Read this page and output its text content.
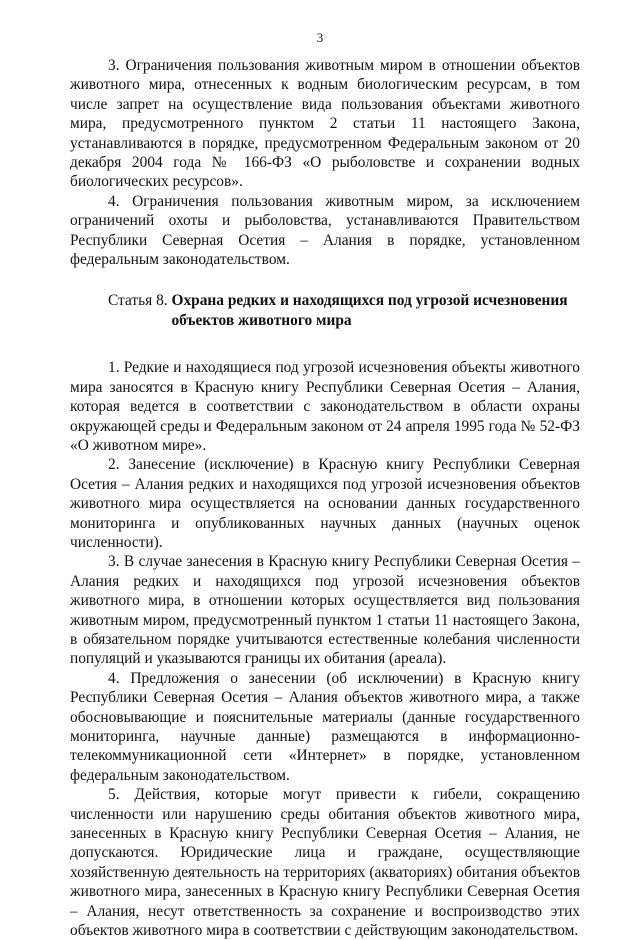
3

3. Ограничения пользования животным миром в отношении объектов животного мира, отнесенных к водным биологическим ресурсам, в том числе запрет на осуществление вида пользования объектами животного мира, предусмотренного пунктом 2 статьи 11 настоящего Закона, устанавливаются в порядке, предусмотренном Федеральным законом от 20 декабря 2004 года № 166-ФЗ «О рыболовстве и сохранении водных биологических ресурсов».

4. Ограничения пользования животным миром, за исключением ограничений охоты и рыболовства, устанавливаются Правительством Республики Северная Осетия – Алания в порядке, установленном федеральным законодательством.

Статья 8. Охрана редких и находящихся под угрозой исчезновения объектов животного мира

1. Редкие и находящиеся под угрозой исчезновения объекты животного мира заносятся в Красную книгу Республики Северная Осетия – Алания, которая ведется в соответствии с законодательством в области охраны окружающей среды и Федеральным законом от 24 апреля 1995 года № 52-ФЗ «О животном мире».

2. Занесение (исключение) в Красную книгу Республики Северная Осетия – Алания редких и находящихся под угрозой исчезновения объектов животного мира осуществляется на основании данных государственного мониторинга и опубликованных научных данных (научных оценок численности).

3. В случае занесения в Красную книгу Республики Северная Осетия – Алания редких и находящихся под угрозой исчезновения объектов животного мира, в отношении которых осуществляется вид пользования животным миром, предусмотренный пунктом 1 статьи 11 настоящего Закона, в обязательном порядке учитываются естественные колебания численности популяций и указываются границы их обитания (ареала).

4. Предложения о занесении (об исключении) в Красную книгу Республики Северная Осетия – Алания объектов животного мира, а также обосновывающие и пояснительные материалы (данные государственного мониторинга, научные данные) размещаются в информационно-телекоммуникационной сети «Интернет» в порядке, установленном федеральным законодательством.

5. Действия, которые могут привести к гибели, сокращению численности или нарушению среды обитания объектов животного мира, занесенных в Красную книгу Республики Северная Осетия – Алания, не допускаются. Юридические лица и граждане, осуществляющие хозяйственную деятельность на территориях (акваториях) обитания объектов животного мира, занесенных в Красную книгу Республики Северная Осетия – Алания, несут ответственность за сохранение и воспроизводство этих объектов животного мира в соответствии с действующим законодательством.
